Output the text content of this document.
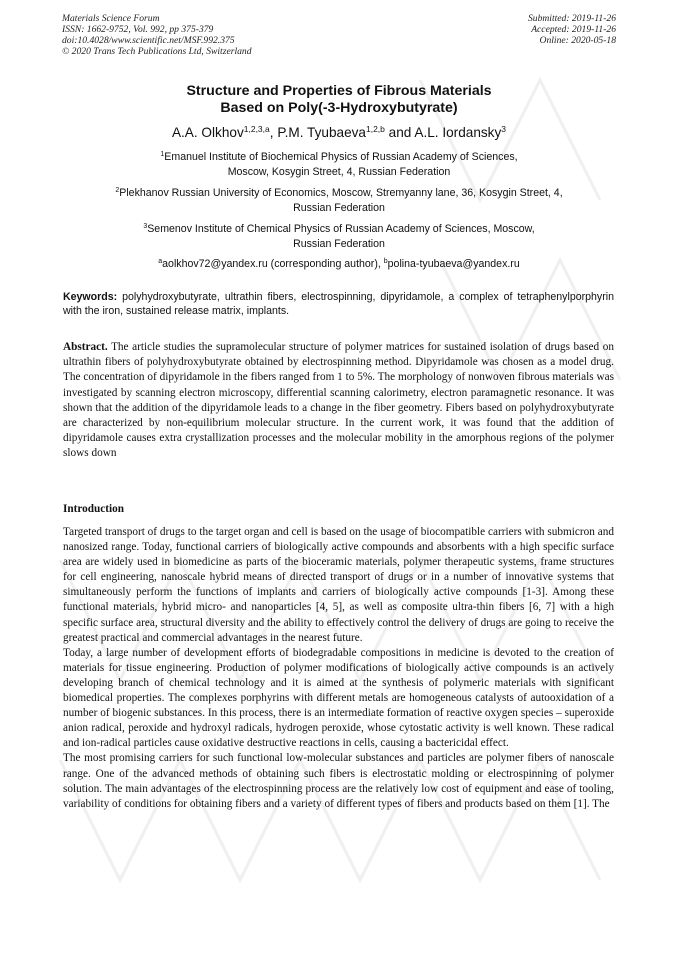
Materials Science Forum
ISSN: 1662-9752, Vol. 992, pp 375-379
doi:10.4028/www.scientific.net/MSF.992.375
© 2020 Trans Tech Publications Ltd, Switzerland
Submitted: 2019-11-26
Accepted: 2019-11-26
Online: 2020-05-18
Structure and Properties of Fibrous Materials
Based on Poly(-3-Hydroxybutyrate)
A.A. Olkhov$^{1,2,3,a}$, P.M. Tyubaeva$^{1,2,b}$ and A.L. Iordansky$^3$
$^1$Emanuel Institute of Biochemical Physics of Russian Academy of Sciences,
Moscow, Kosygin Street, 4, Russian Federation
$^2$Plekhanov Russian University of Economics, Moscow, Stremyanny lane, 36, Kosygin Street, 4,
Russian Federation
$^3$Semenov Institute of Chemical Physics of Russian Academy of Sciences, Moscow,
Russian Federation
$^a$aolkhov72@yandex.ru (corresponding author), $^b$polina-tyubaeva@yandex.ru
Keywords: polyhydroxybutyrate, ultrathin fibers, electrospinning, dipyridamole, a complex of tetraphenylporphyrin with the iron, sustained release matrix, implants.
Abstract. The article studies the supramolecular structure of polymer matrices for sustained isolation of drugs based on ultrathin fibers of polyhydroxybutyrate obtained by electrospinning method. Dipyridamole was chosen as a model drug. The concentration of dipyridamole in the fibers ranged from 1 to 5%. The morphology of nonwoven fibrous materials was investigated by scanning electron microscopy, differential scanning calorimetry, electron paramagnetic resonance. It was shown that the addition of the dipyridamole leads to a change in the fiber geometry. Fibers based on polyhydroxybutyrate are characterized by non-equilibrium molecular structure. In the current work, it was found that the addition of dipyridamole causes extra crystallization processes and the molecular mobility in the amorphous regions of the polymer slows down
Introduction

Targeted transport of drugs to the target organ and cell is based on the usage of biocompatible carriers with submicron and nanosized range. Today, functional carriers of biologically active compounds and absorbents with a high specific surface area are widely used in biomedicine as parts of the bioceramic materials, polymer therapeutic systems, frame structures for cell engineering, nanoscale hybrid means of directed transport of drugs or in a number of innovative systems that simultaneously perform the functions of implants and carriers of biologically active compounds [1-3]. Among these functional materials, hybrid micro- and nanoparticles [4, 5], as well as composite ultra-thin fibers [6, 7] with a high specific surface area, structural diversity and the ability to effectively control the delivery of drugs are going to receive the greatest practical and commercial advantages in the nearest future.

Today, a large number of development efforts of biodegradable compositions in medicine is devoted to the creation of materials for tissue engineering. Production of polymer modifications of biologically active compounds is an actively developing branch of chemical technology and it is aimed at the synthesis of polymeric materials with significant biomedical properties. The complexes porphyrins with different metals are homogeneous catalysts of autooxidation of a number of biogenic substances. In this process, there is an intermediate formation of reactive oxygen species – superoxide anion radical, peroxide and hydroxyl radicals, hydrogen peroxide, whose cytostatic activity is well known. These radical and ion-radical particles cause oxidative destructive reactions in cells, causing a bactericidal effect.

The most promising carriers for such functional low-molecular substances and particles are polymer fibers of nanoscale range. One of the advanced methods of obtaining such fibers is electrostatic molding or electrospinning of polymer solution. The main advantages of the electrospinning process are the relatively low cost of equipment and ease of tooling, variability of conditions for obtaining fibers and a variety of different types of fibers and products based on them [1]. The
